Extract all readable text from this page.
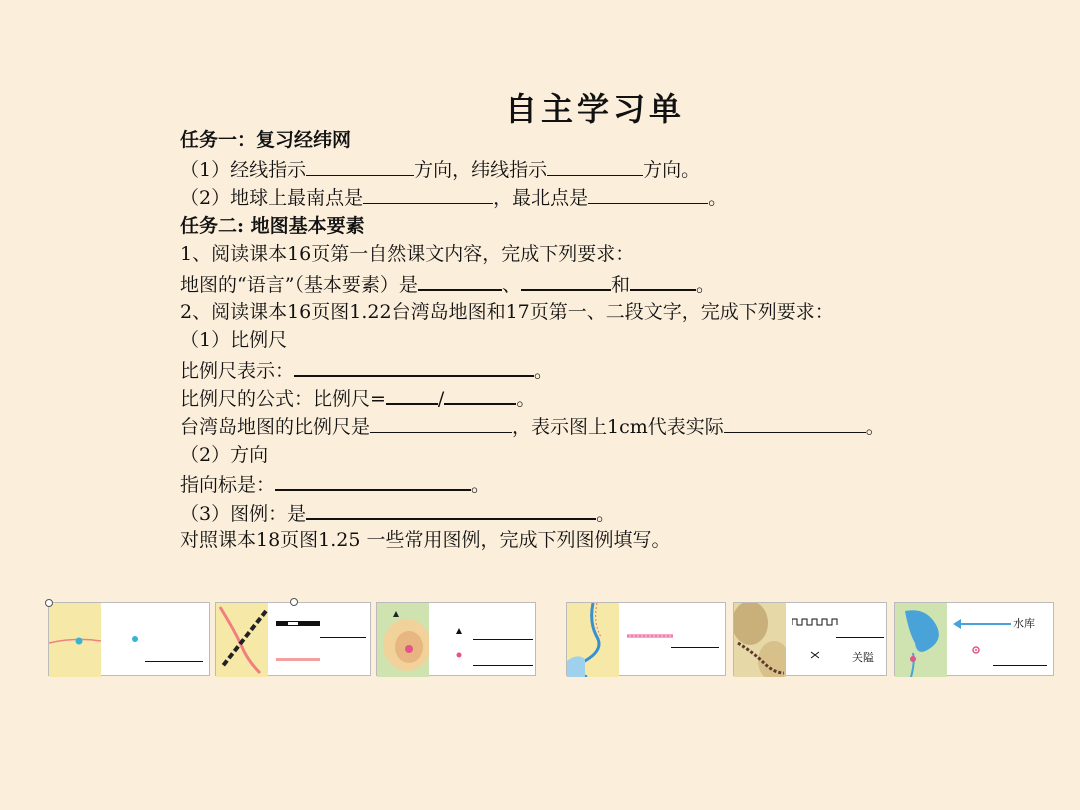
自主学习单
任务一：复习经纬网
（1）经线指示	方向，纬线指示	方向。
（2）地球上最南点是	，最北点是	。
任务二: 地图基本要素
1、阅读课本16页第一自然课文内容，完成下列要求：
地图的“语言”（基本要素）是	、	和	。
2、阅读课本16页图1.22台湾岛地图和17页第一、二段文字，完成下列要求：
（1）比例尺
比例尺表示：	。
比例尺的公式：比例尺=	/	。
台湾岛地图的比例尺是	，表示图上1cm代表实际	。
（2）方向
指向标是：	。
（3）图例：是	。
对照课本18页图1.25 一些常用图例，完成下列图例填写。
关隘
水库
